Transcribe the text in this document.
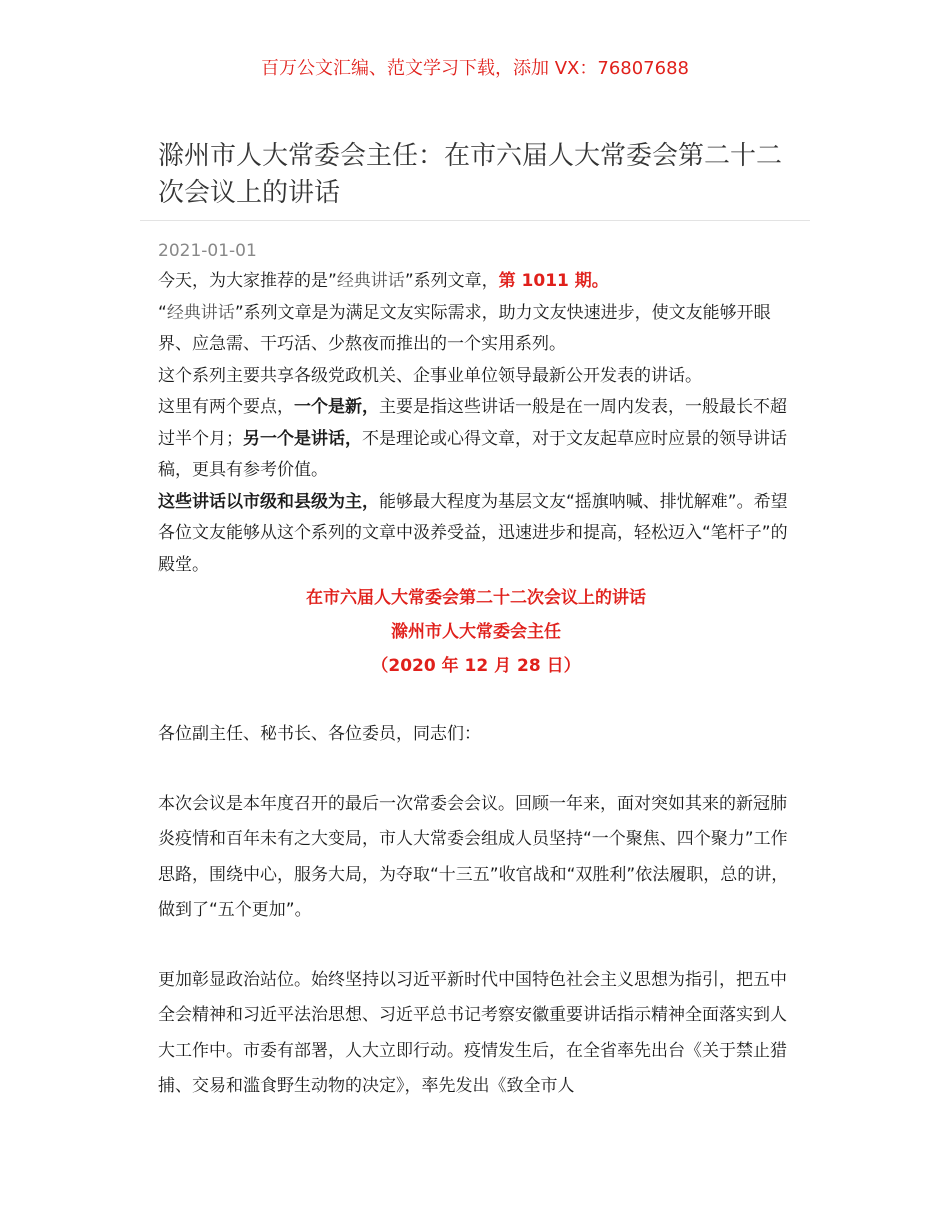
百万公文汇编、范文学习下载，添加 VX：76807688
滁州市人大常委会主任：在市六届人大常委会第二十二次会议上的讲话
2021-01-01

今天，为大家推荐的是”经典讲话”系列文章，第 1011 期。

“经典讲话”系列文章是为满足文友实际需求，助力文友快速进步，使文友能够开眼界、应急需、干巧活、少熬夜而推出的一个实用系列。

这个系列主要共享各级党政机关、企事业单位领导最新公开发表的讲话。

这里有两个要点，一个是新，主要是指这些讲话一般是在一周内发表，一般最长不超过半个月；另一个是讲话，不是理论或心得文章，对于文友起草应时应景的领导讲话稿，更具有参考价值。

这些讲话以市级和县级为主，能够最大程度为基层文友“摇旗呐喊、排忧解难”。希望各位文友能够从这个系列的文章中汲养受益，迅速进步和提高，轻松迈入“笔杆子”的殿堂。

在市六届人大常委会第二十二次会议上的讲话

滁州市人大常委会主任

（2020 年 12 月 28 日）

各位副主任、秘书长、各位委员，同志们：

本次会议是本年度召开的最后一次常委会会议。回顾一年来，面对突如其来的新冠肺炎疫情和百年未有之大变局，市人大常委会组成人员坚持“一个聚焦、四个聚力”工作思路，围绕中心，服务大局，为夺取“十三五”收官战和“双胜利”依法履职，总的讲，做到了“五个更加”。

更加彰显政治站位。始终坚持以习近平新时代中国特色社会主义思想为指引，把五中全会精神和习近平法治思想、习近平总书记考察安徽重要讲话指示精神全面落实到人大工作中。市委有部署，人大立即行动。疫情发生后，在全省率先出台《关于禁止猎捕、交易和滥食野生动物的决定》，率先发出《致全市人
